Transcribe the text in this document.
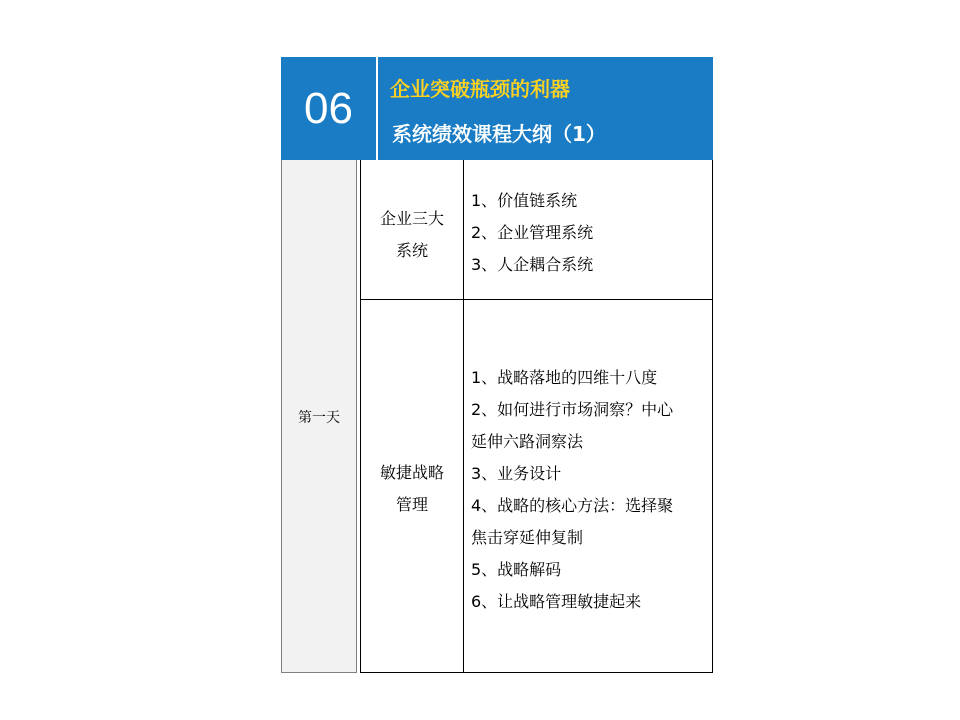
06	企业突破瓶颈的利器
系统绩效课程大纲（1）
第一天
企业三大
系统
1、价值链系统
2、企业管理系统
3、人企耦合系统
敏捷战略
管理
1、战略落地的四维十八度
2、如何进行市场洞察？中心
延伸六路洞察法
3、业务设计
4、战略的核心方法：选择聚
焦击穿延伸复制
5、战略解码
6、让战略管理敏捷起来
